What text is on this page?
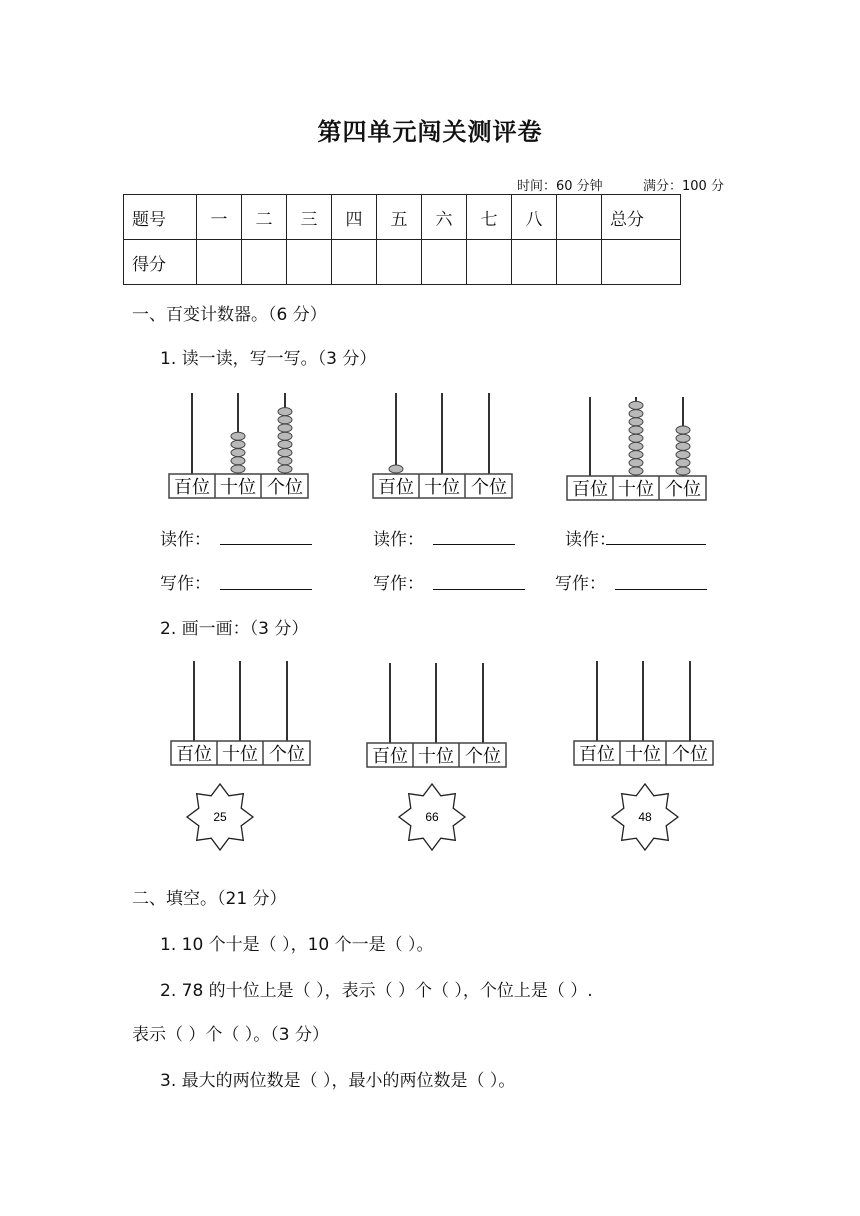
第四单元闯关测评卷
时间：60 分钟	满分：100 分
题号	一	二	三	四	五	六	七	八		总分
得分										
一、百变计数器。（6 分）
1. 读一读，写一写。（3 分）
百位 十位 个位	百位 十位 个位	百位 十位 个位
百位 十位 个位	百位 十位 个位	百位 十位 个位
25	66	48
读作：	读作：	读作：
写作：	写作：	写作：
2. 画一画：（3 分）
二、填空。（21 分）
1. 10 个十是（ ），10 个一是（ ）。
2. 78 的十位上是（ ），表示（ ）个（ ），个位上是（ ）.
表示（ ）个（ ）。（3 分）
3. 最大的两位数是（ ），最小的两位数是（ ）。
